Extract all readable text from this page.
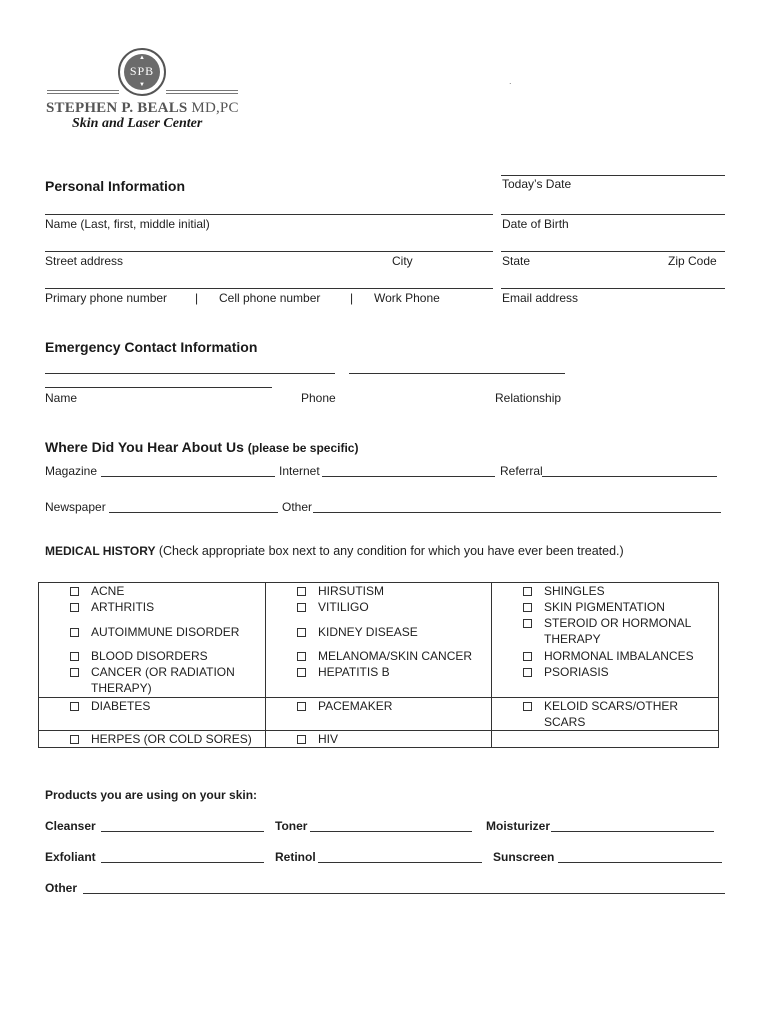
▲
SPB
▼
STEPHEN P. BEALS MD,PC
Skin and Laser Center
.
Personal Information	Today’s Date
Name (Last, first, middle initial)	Date of Birth
Street address	City	State	Zip Code
Primary phone number | Cell phone number | Work Phone	Email address
Emergency Contact Information
Name	Phone	Relationship
Where Did You Hear About Us (please be specific)
Magazine	Internet	Referral
Newspaper	Other
MEDICAL HISTORY (Check appropriate box next to any condition for which you have ever been treated.)
ACNE	HIRSUTISM	SHINGLES

ARTHRITIS	VITILIGO	SKIN PIGMENTATION

AUTOIMMUNE DISORDER	KIDNEY DISEASE	STEROID OR HORMONAL THERAPY

BLOOD DISORDERS	MELANOMA/SKIN CANCER	HORMONAL IMBALANCES

CANCER (OR RADIATION THERAPY)	HEPATITIS B	PSORIASIS

DIABETES	PACEMAKER	KELOID SCARS/OTHER SCARS

HERPES (OR COLD SORES)	HIV	

Products you are using on your skin:
Cleanser	Toner	Moisturizer
Exfoliant	Retinol	Sunscreen
Other
